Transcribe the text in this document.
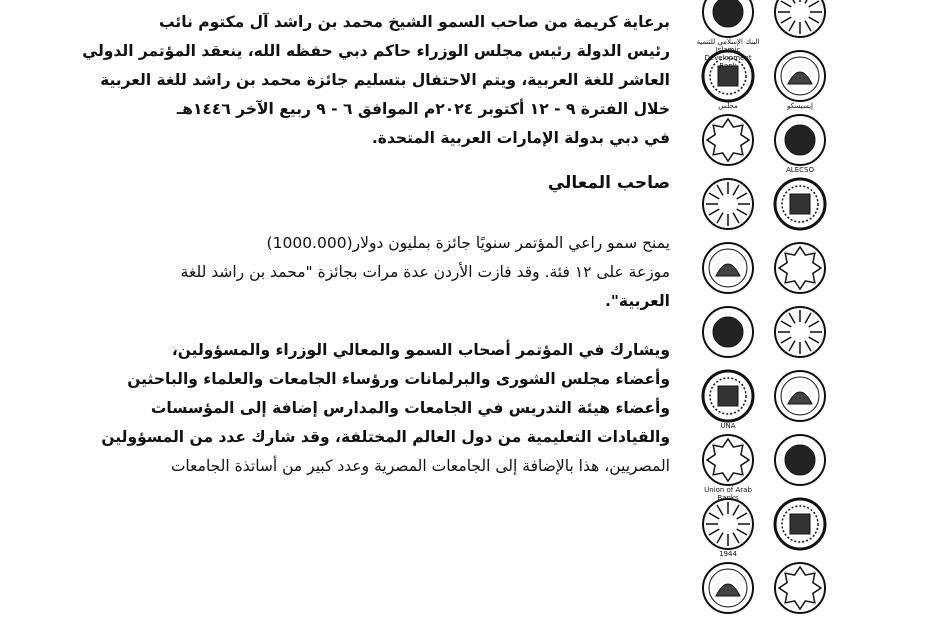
برعاية كريمة من صاحب السمو الشيخ محمد بن راشد آل مكتوم نائب

رئيس الدولة رئيس مجلس الوزراء حاكم دبي حفظه الله، ينعقد المؤتمر الدولي

العاشر للغة العربية، ويتم الاحتفال بتسليم جائزة محمد بن راشد للغة العربية

خلال الفترة ٩ - ١٢ أكتوبر ٢٠٢٤م الموافق ٦ - ٩ ربيع الآخر ١٤٤٦هـ

في دبي بدولة الإمارات العربية المتحدة.

صاحب المعالي

يمنح سمو راعي المؤتمر سنويًا جائزة بمليون دولار(1000.000)

موزعة على ١٢ فئة. وقد فازت الأردن عدة مرات بجائزة "محمد بن راشد للغة

العربية".

ويشارك في المؤتمر أصحاب السمو والمعالي الوزراء والمسؤولين،

وأعضاء مجلس الشورى والبرلمانات ورؤساء الجامعات والعلماء والباحثين

وأعضاء هيئة التدريس في الجامعات والمدارس إضافة إلى المؤسسات

والقيادات التعليمية من دول العالم المختلفة، وقد شارك عدد من المسؤولين

المصريين، هذا بالإضافة إلى الجامعات المصرية وعدد كبير من أساتذة الجامعات

البنك الإسلامي للتنمية Islamic Development
مجلس	إيسيسكو
ALECSO
UNA
Union of Arab Banks
1944
